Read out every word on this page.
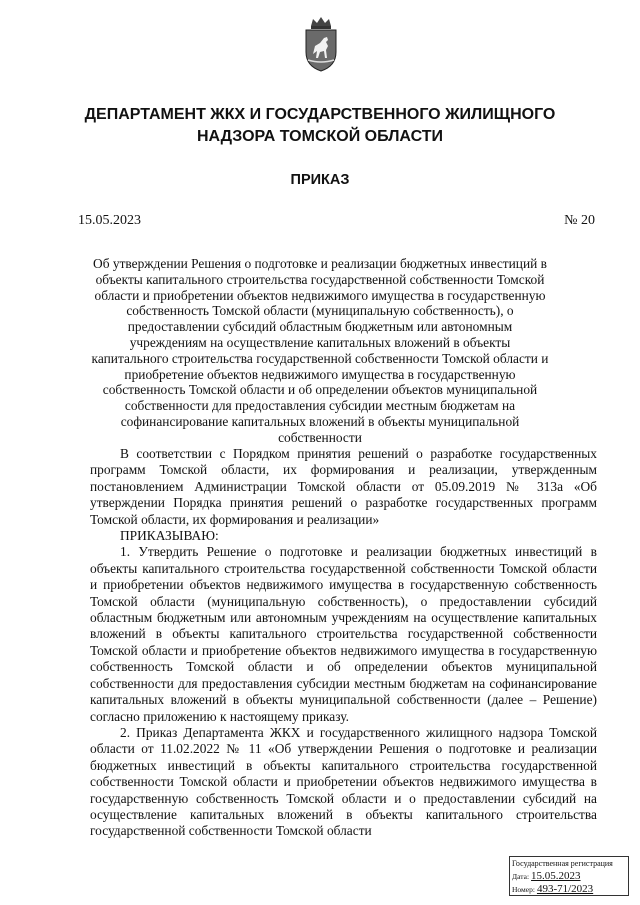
ДЕПАРТАМЕНТ ЖКХ И ГОСУДАРСТВЕННОГО ЖИЛИЩНОГО
НАДЗОРА ТОМСКОЙ ОБЛАСТИ
ПРИКАЗ
15.05.2023	№ 20
Об утверждении Решения о подготовке и реализации бюджетных инвестиций в объекты капитального строительства государственной собственности Томской области и приобретении объектов недвижимого имущества в государственную собственность Томской области (муниципальную собственность), о предоставлении субсидий областным бюджетным или автономным учреждениям на осуществление капитальных вложений в объекты капитального строительства государственной собственности Томской области и приобретение объектов недвижимого имущества в государственную собственность Томской области и об определении объектов муниципальной собственности для предоставления субсидии местным бюджетам на софинансирование капитальных вложений в объекты муниципальной собственности

В соответствии с Порядком принятия решений о разработке государственных программ Томской области, их формирования и реализации, утвержденным постановлением Администрации Томской области от 05.09.2019 № 313а «Об утверждении Порядка принятия решений о разработке государственных программ Томской области, их формирования и реализации»

ПРИКАЗЫВАЮ:

1. Утвердить Решение о подготовке и реализации бюджетных инвестиций в объекты капитального строительства государственной собственности Томской области и приобретении объектов недвижимого имущества в государственную собственность Томской области (муниципальную собственность), о предоставлении субсидий областным бюджетным или автономным учреждениям на осуществление капитальных вложений в объекты капитального строительства государственной собственности Томской области и приобретение объектов недвижимого имущества в государственную собственность Томской области и об определении объектов муниципальной собственности для предоставления субсидии местным бюджетам на софинансирование капитальных вложений в объекты муниципальной собственности (далее – Решение) согласно приложению к настоящему приказу.

2. Приказ Департамента ЖКХ и государственного жилищного надзора Томской области от 11.02.2022 № 11 «Об утверждении Решения о подготовке и реализации бюджетных инвестиций в объекты капитального строительства государственной собственности Томской области и приобретении объектов недвижимого имущества в государственную собственность Томской области и о предоставлении субсидий на осуществление капитальных вложений в объекты капитального строительства государственной собственности Томской области

Государственная регистрация
Дата: 15.05.2023
Номер: 493-71/2023
